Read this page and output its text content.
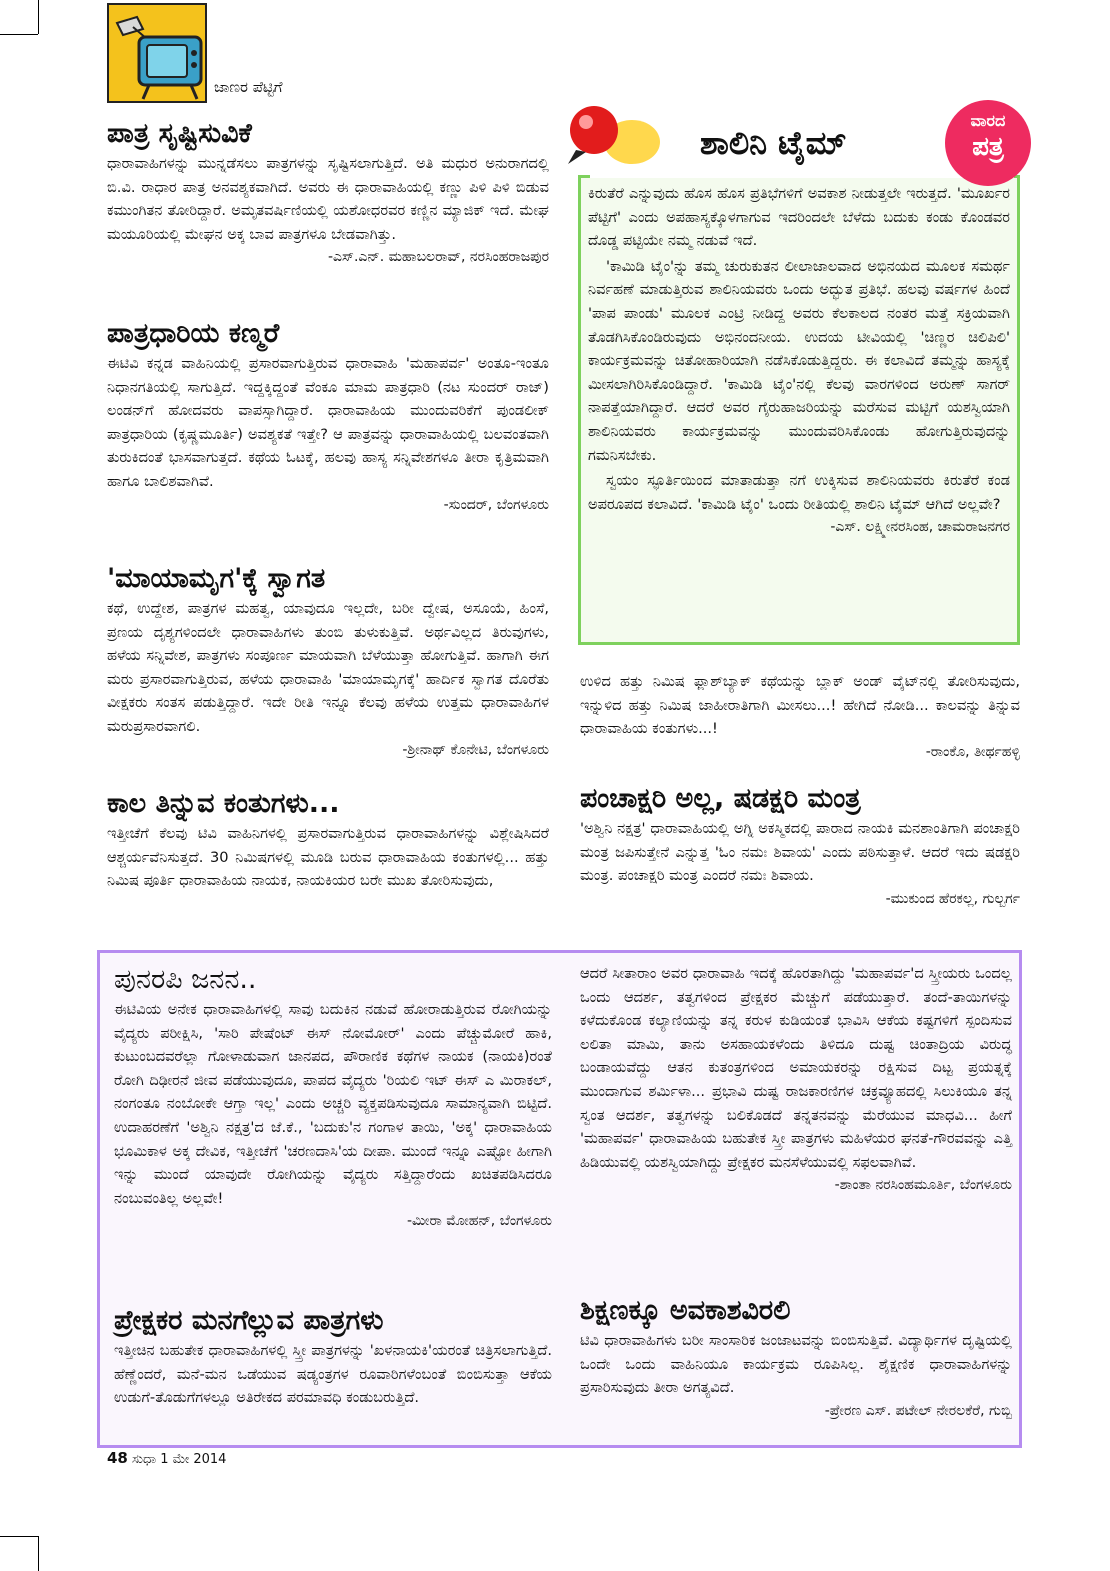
ಜಾಣರ ಪೆಟ್ಟಿಗೆ
ಪಾತ್ರ ಸೃಷ್ಟಿಸುವಿಕೆ
ಧಾರಾವಾಹಿಗಳನ್ನು ಮುನ್ನಡೆಸಲು ಪಾತ್ರಗಳನ್ನು ಸೃಷ್ಟಿಸಲಾಗುತ್ತಿದೆ. ಅತಿ ಮಧುರ ಅನುರಾಗದಲ್ಲಿ ಬಿ.ವಿ. ರಾಧಾರ ಪಾತ್ರ ಅನವಶ್ಯಕವಾಗಿದೆ. ಅವರು ಈ ಧಾರಾವಾಹಿಯಲ್ಲಿ ಕಣ್ಣು ಪಿಳಿ ಪಿಳಿ ಬಿಡುವ ಕಮುಂಗಿತನ ತೋರಿದ್ದಾರೆ. ಅಮೃತವರ್ಷಿಣಿಯಲ್ಲಿ ಯಶೋಧರವರ ಕಣ್ಣಿನ ಮ್ಯಾಜಿಕ್ ಇದೆ. ಮೇಘ ಮಯೂರಿಯಲ್ಲಿ ಮೇಘನ ಅಕ್ಕ ಬಾವ ಪಾತ್ರಗಳೂ ಬೇಡವಾಗಿತ್ತು.
-ಎಸ್.ಎನ್. ಮಹಾಬಲರಾವ್, ನರಸಿಂಹರಾಜಪುರ
ಪಾತ್ರಧಾರಿಯ ಕಣ್ಮರೆ
ಈಟಿವಿ ಕನ್ನಡ ವಾಹಿನಿಯಲ್ಲಿ ಪ್ರಸಾರವಾಗುತ್ತಿರುವ ಧಾರಾವಾಹಿ 'ಮಹಾಪರ್ವ' ಅಂತೂ-ಇಂತೂ ನಿಧಾನಗತಿಯಲ್ಲಿ ಸಾಗುತ್ತಿದೆ. ಇದ್ದಕ್ಕಿದ್ದಂತೆ ವೆಂಕೂ ಮಾಮ ಪಾತ್ರಧಾರಿ (ನಟ ಸುಂದರ್ ರಾಜ್) ಲಂಡನ್‌ಗೆ ಹೋದವರು ವಾಪಸ್ಸಾಗಿದ್ದಾರೆ. ಧಾರಾವಾಹಿಯ ಮುಂದುವರಿಕೆಗೆ ಪುಂಡಲೀಕ್ ಪಾತ್ರಧಾರಿಯ (ಕೃಷ್ಣಮೂರ್ತಿ) ಅವಶ್ಯಕತೆ ಇತ್ತೇ? ಆ ಪಾತ್ರವನ್ನು ಧಾರಾವಾಹಿಯಲ್ಲಿ ಬಲವಂತವಾಗಿ ತುರುಕಿದಂತೆ ಭಾಸವಾಗುತ್ತದೆ. ಕಥೆಯ ಓಟಕ್ಕೆ, ಹಲವು ಹಾಸ್ಯ ಸನ್ನಿವೇಶಗಳೂ ತೀರಾ ಕೃತ್ರಿಮವಾಗಿ ಹಾಗೂ ಬಾಲಿಶವಾಗಿವೆ.
-ಸುಂದರ್, ಬೆಂಗಳೂರು
'ಮಾಯಾಮೃಗ'ಕ್ಕೆ ಸ್ವಾಗತ
ಕಥೆ, ಉದ್ದೇಶ, ಪಾತ್ರಗಳ ಮಹತ್ವ, ಯಾವುದೂ ಇಲ್ಲದೇ, ಬರೀ ದ್ವೇಷ, ಅಸೂಯೆ, ಹಿಂಸೆ, ಪ್ರಣಯ ದೃಶ್ಯಗಳಿಂದಲೇ ಧಾರಾವಾಹಿಗಳು ತುಂಬಿ ತುಳುಕುತ್ತಿವೆ. ಅರ್ಥವಿಲ್ಲದ ತಿರುವುಗಳು, ಹಳೆಯ ಸನ್ನಿವೇಶ, ಪಾತ್ರಗಳು ಸಂಪೂರ್ಣ ಮಾಯವಾಗಿ ಬೆಳೆಯುತ್ತಾ ಹೋಗುತ್ತಿವೆ. ಹಾಗಾಗಿ ಈಗ ಮರು ಪ್ರಸಾರವಾಗುತ್ತಿರುವ, ಹಳೆಯ ಧಾರಾವಾಹಿ 'ಮಾಯಾಮೃಗಕ್ಕೆ' ಹಾರ್ದಿಕ ಸ್ವಾಗತ ದೊರೆತು ವೀಕ್ಷಕರು ಸಂತಸ ಪಡುತ್ತಿದ್ದಾರೆ. ಇದೇ ರೀತಿ ಇನ್ನೂ ಕೆಲವು ಹಳೆಯ ಉತ್ತಮ ಧಾರಾವಾಹಿಗಳ ಮರುಪ್ರಸಾರವಾಗಲಿ.
-ಶ್ರೀನಾಥ್ ಕೊನೇಟಿ, ಬೆಂಗಳೂರು
ಕಾಲ ತಿನ್ನುವ ಕಂತುಗಳು...
ಇತ್ತೀಚೆಗೆ ಕೆಲವು ಟಿವಿ ವಾಹಿನಿಗಳಲ್ಲಿ ಪ್ರಸಾರವಾಗುತ್ತಿರುವ ಧಾರಾವಾಹಿಗಳನ್ನು ವಿಶ್ಲೇಷಿಸಿದರೆ ಆಶ್ಚರ್ಯವೆನಿಸುತ್ತದೆ. 30 ನಿಮಿಷಗಳಲ್ಲಿ ಮೂಡಿ ಬರುವ ಧಾರಾವಾಹಿಯ ಕಂತುಗಳಲ್ಲಿ... ಹತ್ತು ನಿಮಿಷ ಪೂರ್ತಿ ಧಾರಾವಾಹಿಯ ನಾಯಕ, ನಾಯಕಿಯರ ಬರೇ ಮುಖ ತೋರಿಸುವುದು,
ಶಾಲಿನಿ ಟೈಮ್
ವಾರದ
ಪತ್ರ
ಕಿರುತೆರೆ ಎನ್ನುವುದು ಹೊಸ ಹೊಸ ಪ್ರತಿಭೆಗಳಿಗೆ ಅವಕಾಶ ನೀಡುತ್ತಲೇ ಇರುತ್ತದೆ. 'ಮೂರ್ಖರ ಪೆಟ್ಟಿಗೆ' ಎಂದು ಅಪಹಾಸ್ಯಕ್ಕೊಳಗಾಗುವ ಇದರಿಂದಲೇ ಬೆಳೆದು ಬದುಕು ಕಂಡು ಕೊಂಡವರ ದೊಡ್ಡ ಪಟ್ಟಿಯೇ ನಮ್ಮ ನಡುವೆ ಇದೆ.
'ಕಾಮಿಡಿ ಟೈಂ'ನ್ನು ತಮ್ಮ ಚುರುಕುತನ ಲೀಲಾಜಾಲವಾದ ಅಭಿನಯದ ಮೂಲಕ ಸಮರ್ಥ ನಿರ್ವಹಣೆ ಮಾಡುತ್ತಿರುವ ಶಾಲಿನಿಯವರು ಒಂದು ಅದ್ಭುತ ಪ್ರತಿಭೆ. ಹಲವು ವರ್ಷಗಳ ಹಿಂದೆ 'ಪಾಪ ಪಾಂಡು' ಮೂಲಕ ಎಂಟ್ರಿ ನೀಡಿದ್ದ ಅವರು ಕೆಲಕಾಲದ ನಂತರ ಮತ್ತೆ ಸಕ್ರಿಯವಾಗಿ ತೊಡಗಿಸಿಕೊಂಡಿರುವುದು ಅಭಿನಂದನೀಯ. ಉದಯ ಟೀವಿಯಲ್ಲಿ 'ಚಿಣ್ಣರ ಚಿಲಿಪಿಲಿ' ಕಾರ್ಯಕ್ರಮವನ್ನು ಚಿತೋಹಾರಿಯಾಗಿ ನಡೆಸಿಕೊಡುತ್ತಿದ್ದರು. ಈ ಕಲಾವಿದೆ ತಮ್ಮನ್ನು ಹಾಸ್ಯಕ್ಕೆ ಮೀಸಲಾಗಿರಿಸಿಕೊಂಡಿದ್ದಾರೆ. 'ಕಾಮಿಡಿ ಟೈಂ'ನಲ್ಲಿ ಕೆಲವು ವಾರಗಳಿಂದ ಅರುಣ್ ಸಾಗರ್ ನಾಪತ್ತೆಯಾಗಿದ್ದಾರೆ. ಆದರೆ ಅವರ ಗೈರುಹಾಜರಿಯನ್ನು ಮರೆಸುವ ಮಟ್ಟಿಗೆ ಯಶಸ್ವಿಯಾಗಿ ಶಾಲಿನಿಯವರು ಕಾರ್ಯಕ್ರಮವನ್ನು ಮುಂದುವರಿಸಿಕೊಂಡು ಹೋಗುತ್ತಿರುವುದನ್ನು ಗಮನಿಸಬೇಕು.
ಸ್ವಯಂ ಸ್ಫೂರ್ತಿಯಿಂದ ಮಾತಾಡುತ್ತಾ ನಗೆ ಉಕ್ಕಿಸುವ ಶಾಲಿನಿಯವರು ಕಿರುತೆರೆ ಕಂಡ ಅಪರೂಪದ ಕಲಾವಿದೆ. 'ಕಾಮಿಡಿ ಟೈಂ' ಒಂದು ರೀತಿಯಲ್ಲಿ ಶಾಲಿನಿ ಟೈಮ್ ಆಗಿದೆ ಅಲ್ಲವೇ?
-ಎಸ್. ಲಕ್ಷ್ಮೀನರಸಿಂಹ, ಚಾಮರಾಜನಗರ
ಉಳಿದ ಹತ್ತು ನಿಮಿಷ ಫ್ಲಾಶ್‌ಬ್ಯಾಕ್ ಕಥೆಯನ್ನು ಬ್ಲಾಕ್ ಅಂಡ್ ವೈಟ್‌ನಲ್ಲಿ ತೋರಿಸುವುದು, ಇನ್ನುಳಿದ ಹತ್ತು ನಿಮಿಷ ಜಾಹೀರಾತಿಗಾಗಿ ಮೀಸಲು...! ಹೇಗಿದೆ ನೋಡಿ... ಕಾಲವನ್ನು ತಿನ್ನುವ ಧಾರಾವಾಹಿಯ ಕಂತುಗಳು...!
-ರಾಂಕೊ, ತೀರ್ಥಹಳ್ಳಿ
ಪಂಚಾಕ್ಷರಿ ಅಲ್ಲ, ಷಡಕ್ಷರಿ ಮಂತ್ರ
'ಅಶ್ವಿನಿ ನಕ್ಷತ್ರ' ಧಾರಾವಾಹಿಯಲ್ಲಿ ಅಗ್ನಿ ಅಕಸ್ಮಿಕದಲ್ಲಿ ಪಾರಾದ ನಾಯಕಿ ಮನಶಾಂತಿಗಾಗಿ ಪಂಚಾಕ್ಷರಿ ಮಂತ್ರ ಜಪಿಸುತ್ತೇನೆ ಎನ್ನುತ್ತ 'ಓಂ ನಮಃ ಶಿವಾಯ' ಎಂದು ಪಠಿಸುತ್ತಾಳೆ. ಆದರೆ ಇದು ಷಡಕ್ಷರಿ ಮಂತ್ರ. ಪಂಚಾಕ್ಷರಿ ಮಂತ್ರ ಎಂದರೆ ನಮಃ ಶಿವಾಯ.
-ಮುಕುಂದ ಹೆರಕಲ್ಲ, ಗುಲ್ಬರ್ಗ
ಪುನರಪಿ ಜನನ..
ಈಟಿವಿಯ ಅನೇಕ ಧಾರಾವಾಹಿಗಳಲ್ಲಿ ಸಾವು ಬದುಕಿನ ನಡುವೆ ಹೋರಾಡುತ್ತಿರುವ ರೋಗಿಯನ್ನು ವೈದ್ಯರು ಪರೀಕ್ಷಿಸಿ, 'ಸಾರಿ ಪೇಷೆಂಟ್ ಈಸ್ ನೋಮೋರ್' ಎಂದು ಪೆಚ್ಚುಮೋರೆ ಹಾಕಿ, ಕುಟುಂಬದವರೆಲ್ಲಾ ಗೋಳಾಡುವಾಗ ಜಾನಪದ, ಪೌರಾಣಿಕ ಕಥೆಗಳ ನಾಯಕ (ನಾಯಕಿ)ರಂತೆ ರೋಗಿ ದಿಢೀರನೆ ಜೀವ ಪಡೆಯುವುದೂ, ಪಾಪದ ವೈದ್ಯರು 'ರಿಯಲಿ ಇಟ್ ಈಸ್ ಎ ಮಿರಾಕಲ್, ನಂಗಂತೂ ನಂಬೋಕೇ ಆಗ್ತಾ ಇಲ್ಲ' ಎಂದು ಅಚ್ಚರಿ ವ್ಯಕ್ತಪಡಿಸುವುದೂ ಸಾಮಾನ್ಯವಾಗಿ ಬಿಟ್ಟಿದೆ. ಉದಾಹರಣೆಗೆ 'ಅಶ್ವಿನಿ ನಕ್ಷತ್ರ'ದ ಜೆ.ಕೆ., 'ಬದುಕು'ನ ಗಂಗಾಳ ತಾಯಿ, 'ಅಕ್ಕ' ಧಾರಾವಾಹಿಯ ಭೂಮಿಕಾಳ ಅಕ್ಕ ದೇವಿಕ, ಇತ್ತೀಚೆಗೆ 'ಚರಣದಾಸಿ'ಯ ದೀಪಾ. ಮುಂದೆ ಇನ್ನೂ ಎಷ್ಟೋ ಹೀಗಾಗಿ ಇನ್ನು ಮುಂದೆ ಯಾವುದೇ ರೋಗಿಯನ್ನು ವೈದ್ಯರು ಸತ್ತಿದ್ದಾರೆಂದು ಖಚಿತಪಡಿಸಿದರೂ ನಂಬುವಂತಿಲ್ಲ ಅಲ್ಲವೇ!
-ಮೀರಾ ಮೋಹನ್, ಬೆಂಗಳೂರು
ಪ್ರೇಕ್ಷಕರ ಮನಗೆಲ್ಲುವ ಪಾತ್ರಗಳು
ಇತ್ತೀಚಿನ ಬಹುತೇಕ ಧಾರಾವಾಹಿಗಳಲ್ಲಿ ಸ್ತ್ರೀ ಪಾತ್ರಗಳನ್ನು 'ಖಳನಾಯಕಿ'ಯರಂತೆ ಚಿತ್ರಿಸಲಾಗುತ್ತಿದೆ. ಹೆಣ್ಣೆಂದರೆ, ಮನೆ-ಮನ ಒಡೆಯುವ ಷಡ್ಯಂತ್ರಗಳ ರೂವಾರಿಗಳೆಂಬಂತೆ ಬಿಂಬಿಸುತ್ತಾ ಆಕೆಯ ಉಡುಗೆ-ತೊಡುಗೆಗಳಲ್ಲೂ ಅತಿರೇಕದ ಪರಮಾವಧಿ ಕಂಡುಬರುತ್ತಿದೆ.
ಆದರೆ ಸೀತಾರಾಂ ಅವರ ಧಾರಾವಾಹಿ ಇದಕ್ಕೆ ಹೊರತಾಗಿದ್ದು 'ಮಹಾಪರ್ವ'ದ ಸ್ತ್ರೀಯರು ಒಂದಲ್ಲ ಒಂದು ಆದರ್ಶ, ತತ್ವಗಳಿಂದ ಪ್ರೇಕ್ಷಕರ ಮೆಚ್ಚುಗೆ ಪಡೆಯುತ್ತಾರೆ. ತಂದೆ-ತಾಯಿಗಳನ್ನು ಕಳೆದುಕೊಂಡ ಕಲ್ಯಾಣಿಯನ್ನು ತನ್ನ ಕರುಳ ಕುಡಿಯಂತೆ ಭಾವಿಸಿ ಆಕೆಯ ಕಷ್ಟಗಳಿಗೆ ಸ್ಪಂದಿಸುವ ಲಲಿತಾ ಮಾಮಿ, ತಾನು ಅಸಹಾಯಕಳೆಂದು ತಿಳಿದೂ ದುಷ್ಟ ಚಿಂತಾದ್ರಿಯ ವಿರುದ್ಧ ಬಂಡಾಯವೆದ್ದು ಆತನ ಕುತಂತ್ರಗಳಿಂದ ಅಮಾಯಕರನ್ನು ರಕ್ಷಿಸುವ ದಿಟ್ಟ ಪ್ರಯತ್ನಕ್ಕೆ ಮುಂದಾಗುವ ಶರ್ಮಿಳಾ... ಪ್ರಭಾವಿ ದುಷ್ಟ ರಾಜಕಾರಣಿಗಳ ಚಕ್ರವ್ಯೂಹದಲ್ಲಿ ಸಿಲುಕಿಯೂ ತನ್ನ ಸ್ವಂತ ಆದರ್ಶ, ತತ್ವಗಳನ್ನು ಬಲಿಕೊಡದೆ ತನ್ನತನವನ್ನು ಮೆರೆಯುವ ಮಾಧವಿ... ಹೀಗೆ 'ಮಹಾಪರ್ವ' ಧಾರಾವಾಹಿಯ ಬಹುತೇಕ ಸ್ತ್ರೀ ಪಾತ್ರಗಳು ಮಹಿಳೆಯರ ಘನತೆ-ಗೌರವವನ್ನು ಎತ್ತಿ ಹಿಡಿಯುವಲ್ಲಿ ಯಶಸ್ವಿಯಾಗಿದ್ದು ಪ್ರೇಕ್ಷಕರ ಮನಸೆಳೆಯುವಲ್ಲಿ ಸಫಲವಾಗಿವೆ.
-ಶಾಂತಾ ನರಸಿಂಹಮೂರ್ತಿ, ಬೆಂಗಳೂರು
ಶಿಕ್ಷಣಕ್ಕೂ ಅವಕಾಶವಿರಲಿ
ಟಿವಿ ಧಾರಾವಾಹಿಗಳು ಬರೀ ಸಾಂಸಾರಿಕ ಜಂಜಾಟವನ್ನು ಬಿಂಬಿಸುತ್ತಿವೆ. ವಿದ್ಯಾರ್ಥಿಗಳ ದೃಷ್ಟಿಯಲ್ಲಿ ಒಂದೇ ಒಂದು ವಾಹಿನಿಯೂ ಕಾರ್ಯಕ್ರಮ ರೂಪಿಸಿಲ್ಲ. ಶೈಕ್ಷಣಿಕ ಧಾರಾವಾಹಿಗಳನ್ನು ಪ್ರಸಾರಿಸುವುದು ತೀರಾ ಅಗತ್ಯವಿದೆ.
-ಪ್ರೇರಣ ಎಸ್. ಪಟೇಲ್ ನೇರಲಕೆರೆ, ಗುಬ್ಬಿ
48 ಸುಧಾ 1 ಮೇ 2014
